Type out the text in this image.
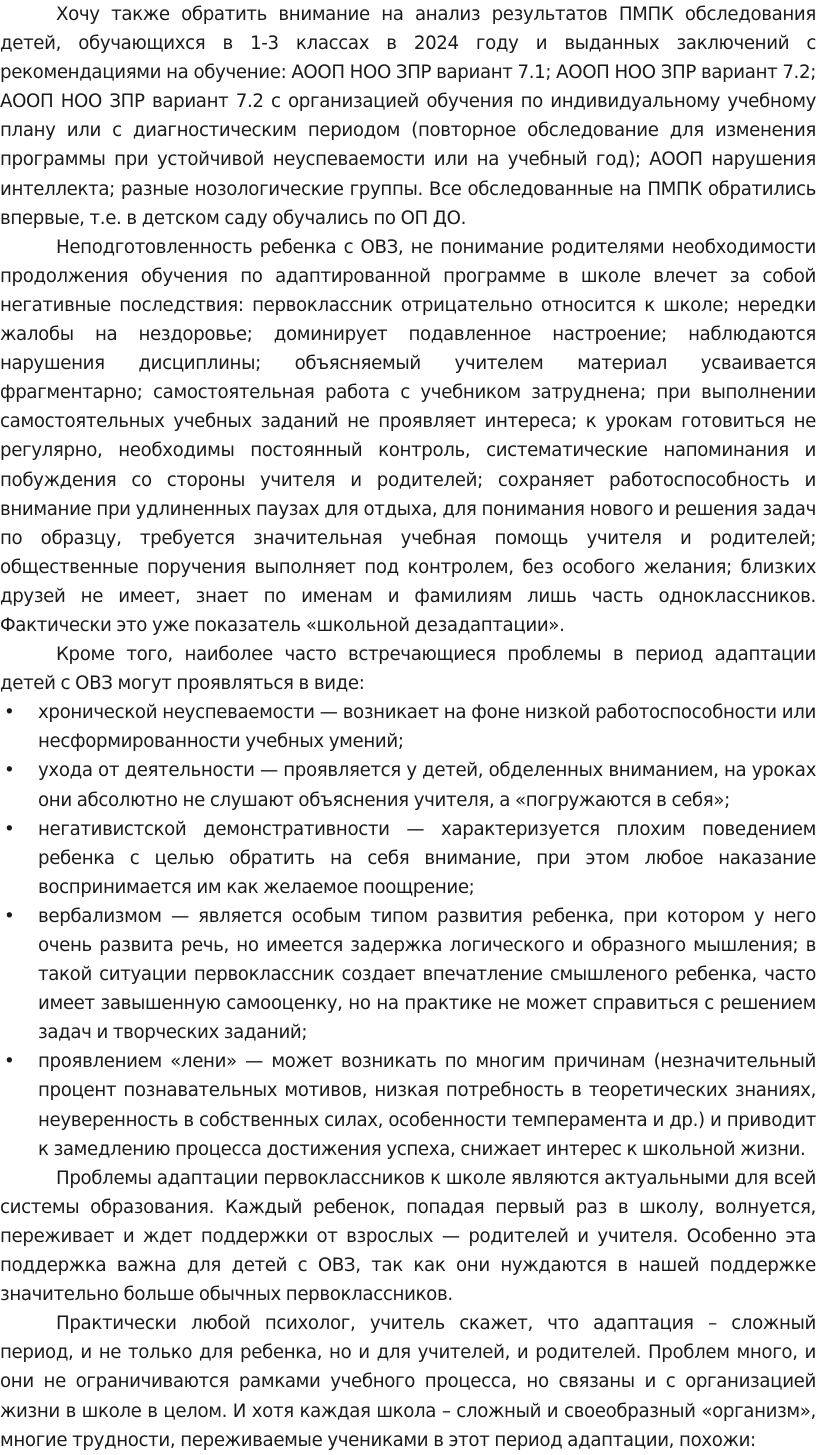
Хочу также обратить внимание на анализ результатов ПМПК обследования детей, обучающихся в 1-3 классах в 2024 году и выданных заключений с рекомендациями на обучение: АООП НОО ЗПР вариант 7.1; АООП НОО ЗПР вариант 7.2; АООП НОО ЗПР вариант 7.2 с организацией обучения по индивидуальному учебному плану или с диагностическим периодом (повторное обследование для изменения программы при устойчивой неуспеваемости или на учебный год); АООП нарушения интеллекта; разные нозологические группы. Все обследованные на ПМПК обратились впервые, т.е. в детском саду обучались по ОП ДО.

Неподготовленность ребенка с ОВЗ, не понимание родителями необходимости продолжения обучения по адаптированной программе в школе влечет за собой негативные последствия: первоклассник отрицательно относится к школе; нередки жалобы на нездоровье; доминирует подавленное настроение; наблюдаются нарушения дисциплины; объясняемый учителем материал усваивается фрагментарно; самостоятельная работа с учебником затруднена; при выполнении самостоятельных учебных заданий не проявляет интереса; к урокам готовиться не регулярно, необходимы постоянный контроль, систематические напоминания и побуждения со стороны учителя и родителей; сохраняет работоспособность и внимание при удлиненных паузах для отдыха, для понимания нового и решения задач по образцу, требуется значительная учебная помощь учителя и родителей; общественные поручения выполняет под контролем, без особого желания; близких друзей не имеет, знает по именам и фамилиям лишь часть одноклассников. Фактически это уже показатель «школьной дезадаптации».

Кроме того, наиболее часто встречающиеся проблемы в период адаптации детей с ОВЗ могут проявляться в виде:

•	хронической неуспеваемости — возникает на фоне низкой работоспособности или несформированности учебных умений;
•	ухода от деятельности — проявляется у детей, обделенных вниманием, на уроках они абсолютно не слушают объяснения учителя, а «погружаются в себя»;
•	негативистской демонстративности — характеризуется плохим поведением ребенка с целью обратить на себя внимание, при этом любое наказание воспринимается им как желаемое поощрение;
•	вербализмом — является особым типом развития ребенка, при котором у него очень развита речь, но имеется задержка логического и образного мышления; в такой ситуации первоклассник создает впечатление смышленого ребенка, часто имеет завышенную самооценку, но на практике не может справиться с решением задач и творческих заданий;
•	проявлением «лени» — может возникать по многим причинам (незначительный процент познавательных мотивов, низкая потребность в теоретических знаниях, неуверенность в собственных силах, особенности темперамента и др.) и приводит к замедлению процесса достижения успеха, снижает интерес к школьной жизни.

Проблемы адаптации первоклассников к школе являются актуальными для всей системы образования. Каждый ребенок, попадая первый раз в школу, волнуется, переживает и ждет поддержки от взрослых — родителей и учителя. Особенно эта поддержка важна для детей с ОВЗ, так как они нуждаются в нашей поддержке значительно больше обычных первоклассников.

Практически любой психолог, учитель скажет, что адаптация – сложный период, и не только для ребенка, но и для учителей, и родителей. Проблем много, и они не ограничиваются рамками учебного процесса, но связаны и с организацией жизни в школе в целом. И хотя каждая школа – сложный и своеобразный «организм», многие трудности, переживаемые учениками в этот период адаптации, похожи:
